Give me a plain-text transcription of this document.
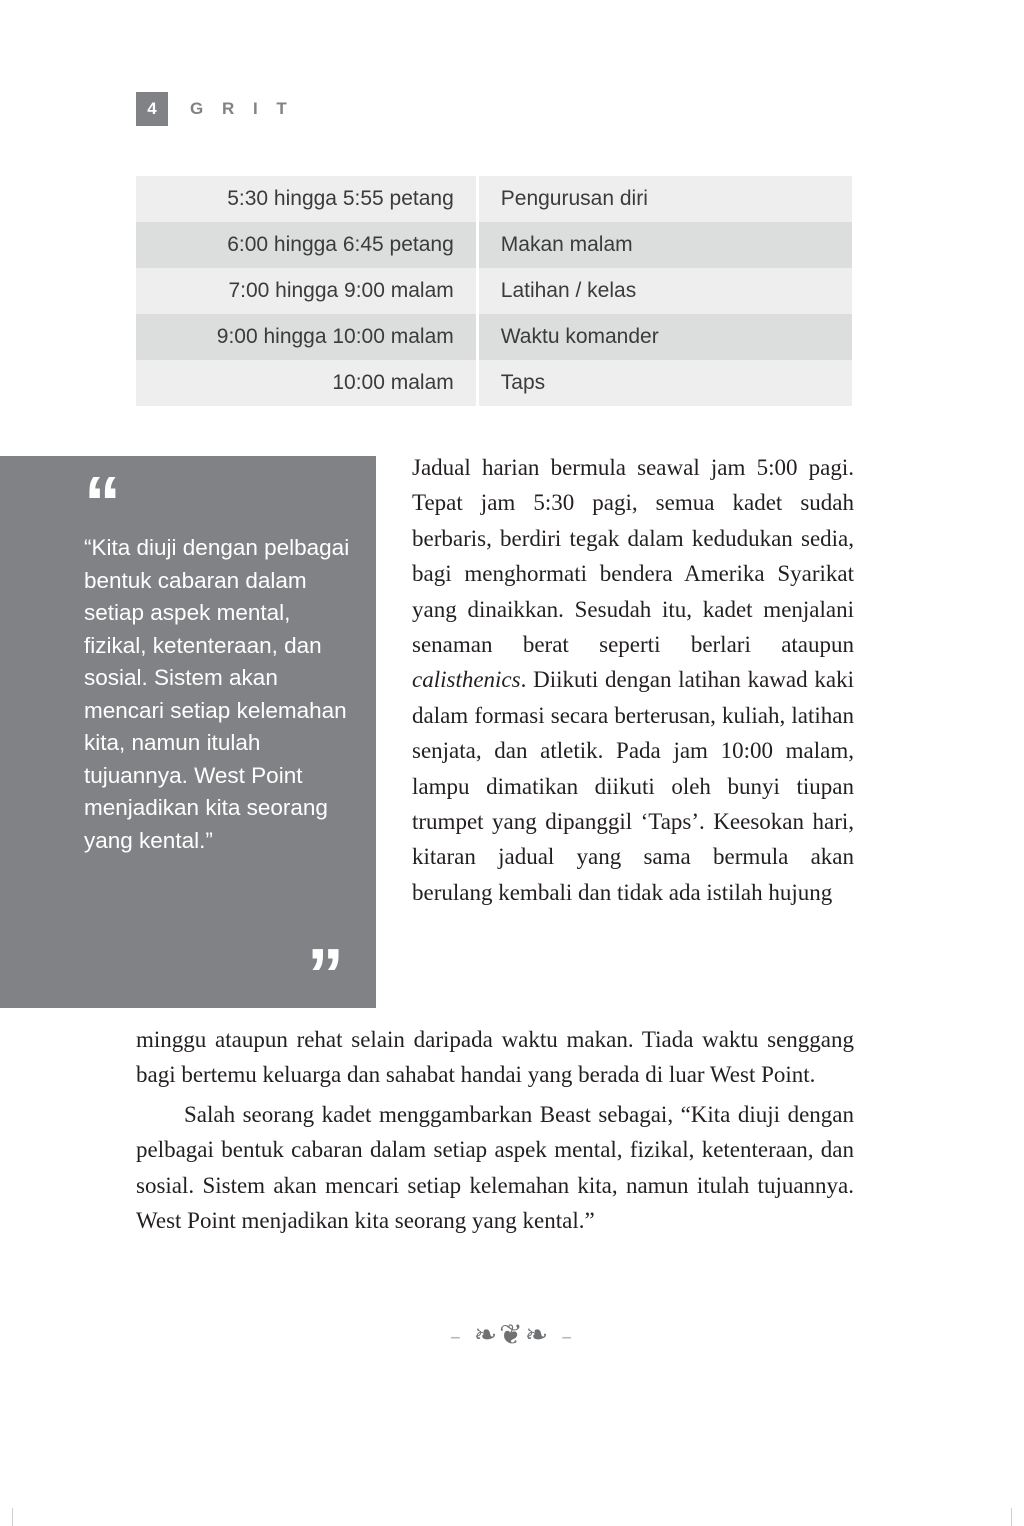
4	G R I T
5:30 hingga 5:55 petang	Pengurusan diri
6:00 hingga 6:45 petang	Makan malam
7:00 hingga 9:00 malam	Latihan / kelas
9:00 hingga 10:00 malam	Waktu komander
10:00 malam	Taps
“
“Kita diuji dengan pelbagai bentuk cabaran dalam setiap aspek mental, fizikal, ketenteraan, dan sosial. Sistem akan mencari setiap kelemahan kita, namun itulah tujuannya. West Point menjadikan kita seorang yang kental.”
”

Jadual harian bermula seawal jam 5:00 pagi. Tepat jam 5:30 pagi, semua kadet sudah berbaris, berdiri tegak dalam kedudukan sedia, bagi menghormati bendera Amerika Syarikat yang dinaikkan. Sesudah itu, kadet menjalani senaman berat seperti berlari ataupun calisthenics. Diikuti dengan latihan kawad kaki dalam formasi secara berterusan, kuliah, latihan senjata, dan atletik. Pada jam 10:00 malam, lampu dimatikan diikuti oleh bunyi tiupan trumpet yang dipanggil ‘Taps’. Keesokan hari, kitaran jadual yang sama bermula akan berulang kembali dan tidak ada istilah hujung

minggu ataupun rehat selain daripada waktu makan. Tiada waktu senggang bagi bertemu keluarga dan sahabat handai yang berada di luar West Point.

Salah seorang kadet menggambarkan Beast sebagai, “Kita diuji dengan pelbagai bentuk cabaran dalam setiap aspek mental, fizikal, ketenteraan, dan sosial. Sistem akan mencari setiap kelemahan kita, namun itulah tujuannya. West Point menjadikan kita seorang yang kental.”

– ❧❦❧ –
